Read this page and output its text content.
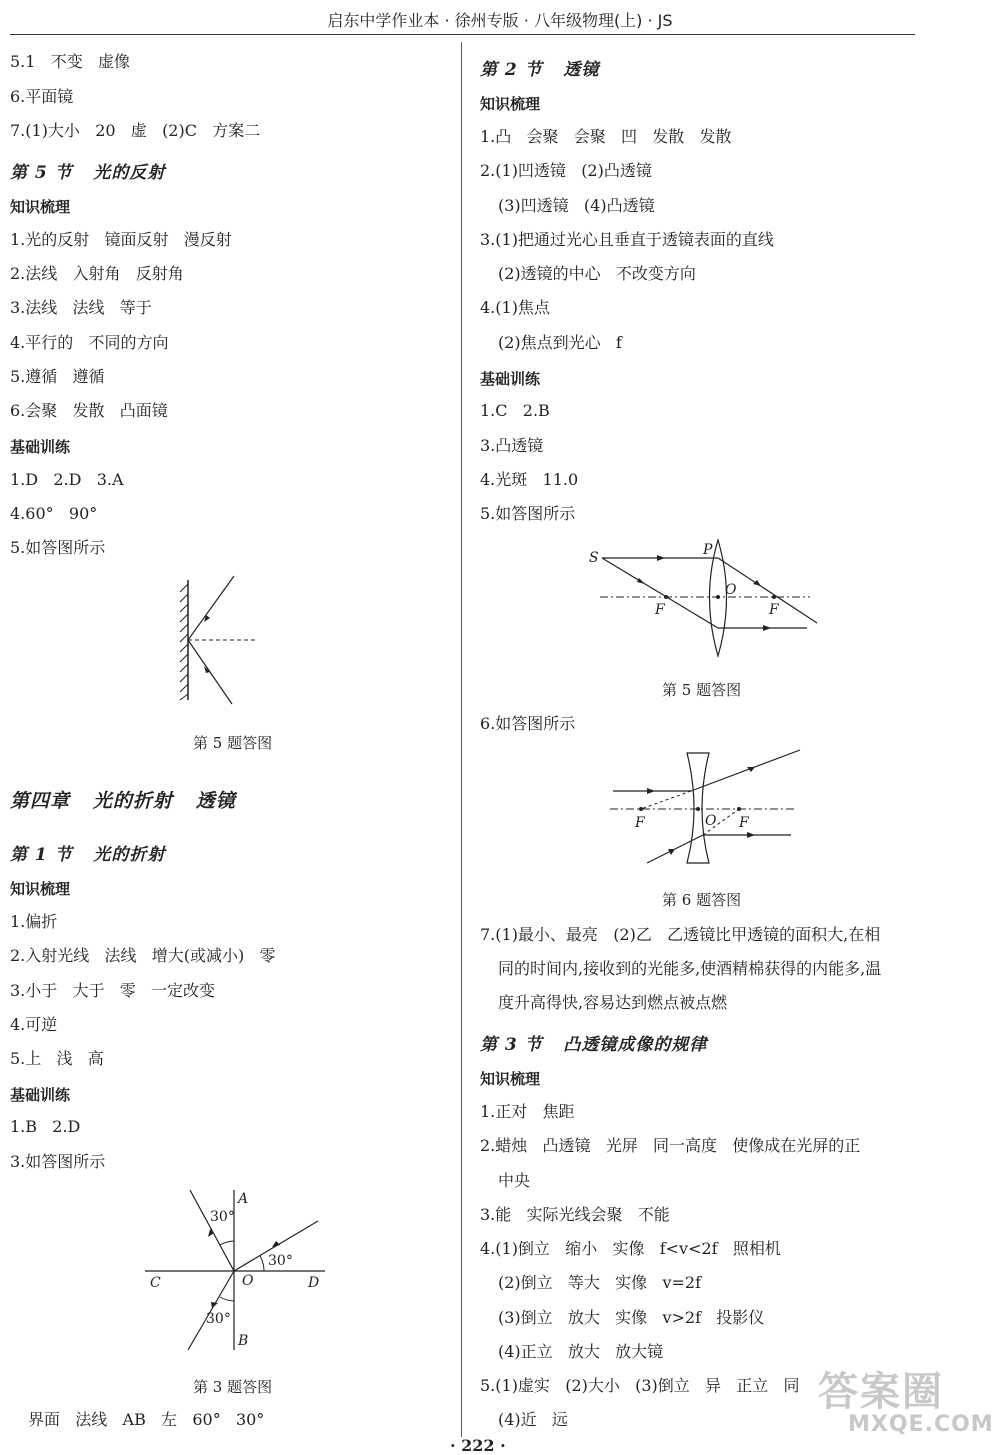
启东中学作业本 · 徐州专版 · 八年级物理(上) · JS
5.1   不变   虚像
6.平面镜
7.(1)大小   20   虚   (2)C   方案二
第 5 节   光的反射
知识梳理
1.光的反射   镜面反射   漫反射
2.法线   入射角   反射角
3.法线   法线   等于
4.平行的   不同的方向
5.遵循   遵循
6.会聚   发散   凸面镜
基础训练
1.D   2.D   3.A
4.60°   90°
5.如答图所示
第 5 题答图
第四章   光的折射   透镜
第 1 节   光的折射
知识梳理
1.偏折
2.入射光线   法线   增大(或减小)   零
3.小于   大于   零   一定改变
4.可逆
5.上   浅   高
基础训练
1.B   2.D
3.如答图所示
A
B
C	D
O
30°
30°
30°
第 3 题答图
界面   法线   AB   左   60°   30°
第 2 节   透镜
知识梳理
1.凸   会聚   会聚   凹   发散   发散
2.(1)凹透镜   (2)凸透镜
(3)凹透镜   (4)凸透镜
3.(1)把通过光心且垂直于透镜表面的直线
(2)透镜的中心   不改变方向
4.(1)焦点
(2)焦点到光心   f
基础训练
1.C   2.B
3.凸透镜
4.光斑   11.0
5.如答图所示
S	P
O
F	F
第 5 题答图
6.如答图所示
F	O F
第 6 题答图
7.(1)最小、最亮   (2)乙   乙透镜比甲透镜的面积大,在相
同的时间内,接收到的光能多,使酒精棉获得的内能多,温
度升高得快,容易达到燃点被点燃
第 3 节   凸透镜成像的规律
知识梳理
1.正对   焦距
2.蜡烛   凸透镜   光屏   同一高度   使像成在光屏的正
中央
3.能   实际光线会聚   不能
4.(1)倒立   缩小   实像   f<v<2f   照相机
(2)倒立   等大   实像   v=2f
(3)倒立   放大   实像   v>2f   投影仪
(4)正立   放大   放大镜
5.(1)虚实   (2)大小   (3)倒立   异   正立   同
(4)近   远
· 222 ·
答案圈
MXQE.COM
